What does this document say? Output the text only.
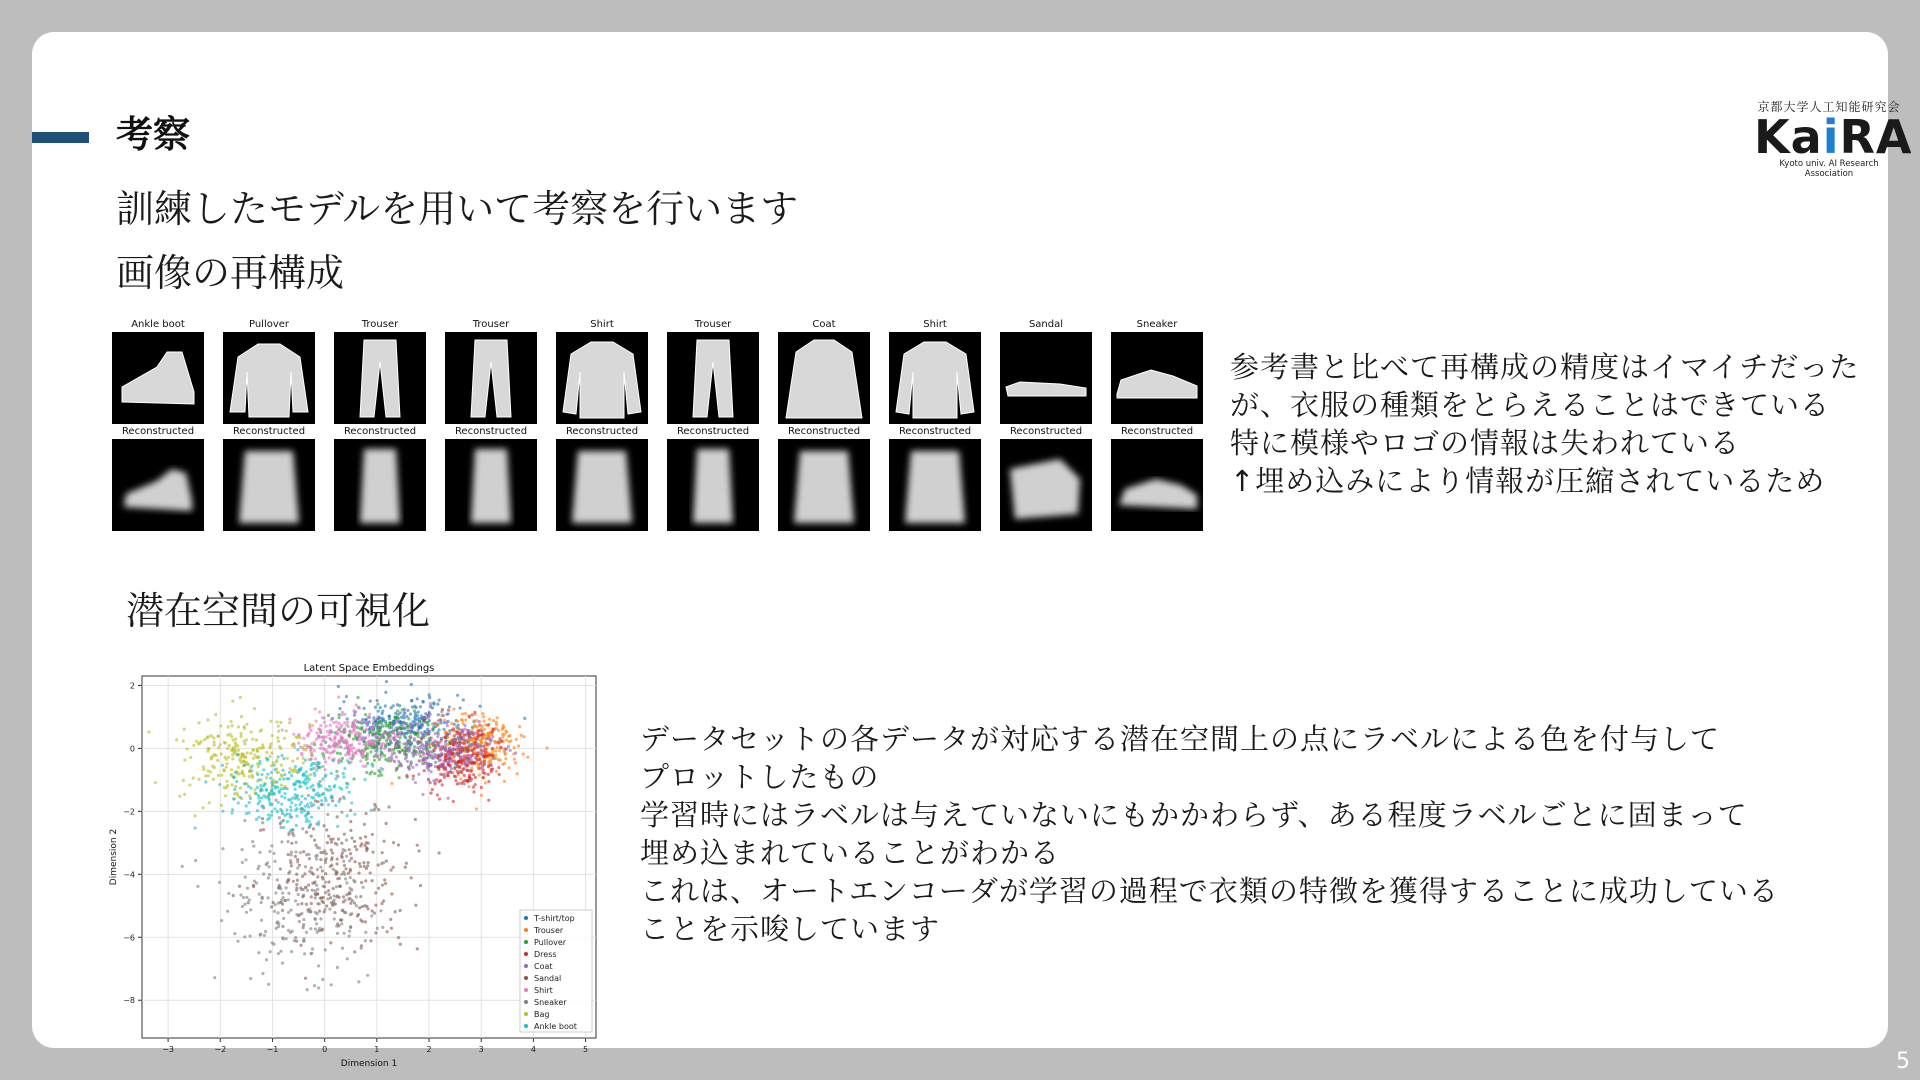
考察
京都大学人工知能研究会
KaiRA
Kyoto univ. AI Research Association
訓練したモデルを用いて考察を行います
画像の再構成
Ankle boot
Reconstructed
Pullover
Reconstructed
Trouser
Reconstructed
Trouser
Reconstructed
Shirt
Reconstructed
Trouser
Reconstructed
Coat
Reconstructed
Shirt
Reconstructed
Sandal
Reconstructed
Sneaker
Reconstructed
参考書と比べて再構成の精度はイマイチだった
が、衣服の種類をとらえることはできている
特に模様やロゴの情報は失われている
↑埋め込みにより情報が圧縮されているため
潜在空間の可視化
−3	−2	−1	0	1	2	3	4	5
2
0
−2
−4
−6
−8
Latent Space Embeddings
Dimension 1
Dimension 2
T-shirt/top
Trouser
Pullover
Dress
Coat
Sandal
Shirt
Sneaker
Bag
Ankle boot
データセットの各データが対応する潜在空間上の点にラベルによる色を付与して
プロットしたもの
学習時にはラベルは与えていないにもかかわらず、ある程度ラベルごとに固まって
埋め込まれていることがわかる
これは、オートエンコーダが学習の過程で衣類の特徴を獲得することに成功している
ことを示唆しています
5
